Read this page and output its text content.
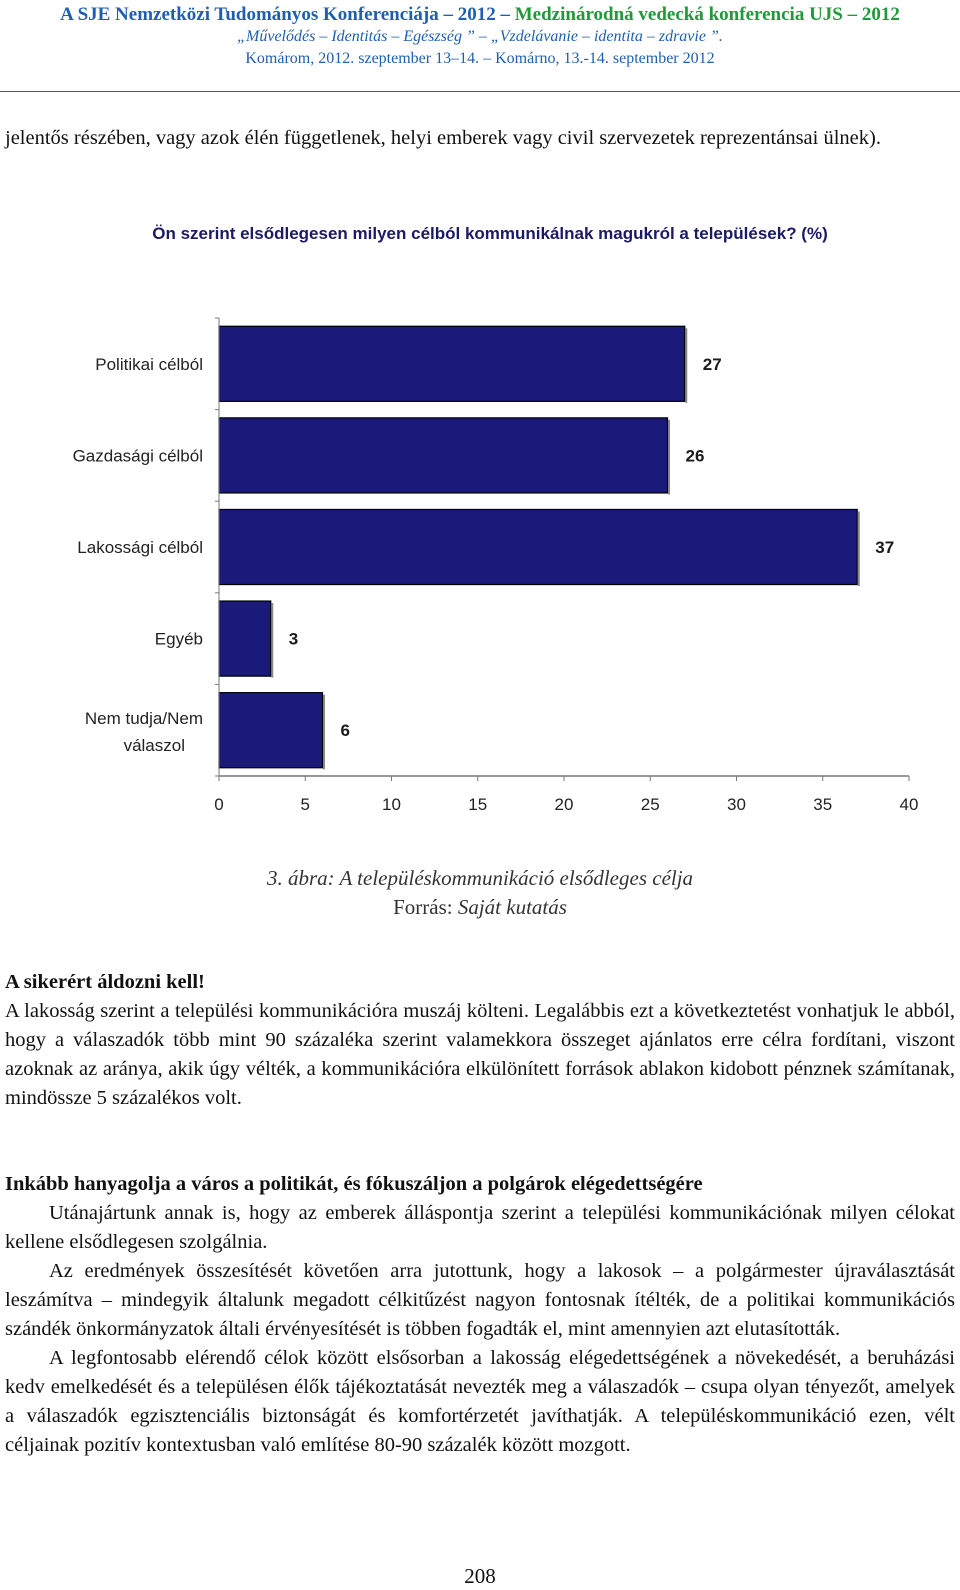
A SJE Nemzetközi Tudományos Konferenciája – 2012 – Medzinárodná vedecká konferencia UJS – 2012
„Művelődés – Identitás – Egészség ” – „Vzdelávanie – identita – zdravie ”.
Komárom, 2012. szeptember 13–14. – Komárno, 13.-14. september 2012

jelentős részében, vagy azok élén függetlenek, helyi emberek vagy civil szervezetek reprezentánsai ülnek).

Ön szerint elsődlegesen milyen célból kommunikálnak magukról a települések? (%)
27
Politikai célból
26
Gazdasági célból
37
Lakossági célból
3
Egyéb
6
Nem tudja/Nem
válaszol
0	5	10	15	20	25	30	35	40
3. ábra: A településkommunikáció elsődleges célja
Forrás: Saját kutatás
A sikerért áldozni kell!

A lakosság szerint a települési kommunikációra muszáj költeni. Legalábbis ezt a következtetést vonhatjuk le abból, hogy a válaszadók több mint 90 százaléka szerint valamekkora összeget ajánlatos erre célra fordítani, viszont azoknak az aránya, akik úgy vélték, a kommunikációra elkülönített források ablakon kidobott pénznek számítanak, mindössze 5 százalékos volt.

Inkább hanyagolja a város a politikát, és fókuszáljon a polgárok elégedettségére

Utánajártunk annak is, hogy az emberek álláspontja szerint a települési kommunikációnak milyen célokat kellene elsődlegesen szolgálnia.

Az eredmények összesítését követően arra jutottunk, hogy a lakosok – a polgármester újraválasztását leszámítva – mindegyik általunk megadott célkitűzést nagyon fontosnak ítélték, de a politikai kommunikációs szándék önkormányzatok általi érvényesítését is többen fogadták el, mint amennyien azt elutasították.

A legfontosabb elérendő célok között elsősorban a lakosság elégedettségének a növekedését, a beruházási kedv emelkedését és a településen élők tájékoztatását nevezték meg a válaszadók – csupa olyan tényezőt, amelyek a válaszadók egzisztenciális biztonságát és komfortérzetét javíthatják. A településkommunikáció ezen, vélt céljainak pozitív kontextusban való említése 80-90 százalék között mozgott.

208
